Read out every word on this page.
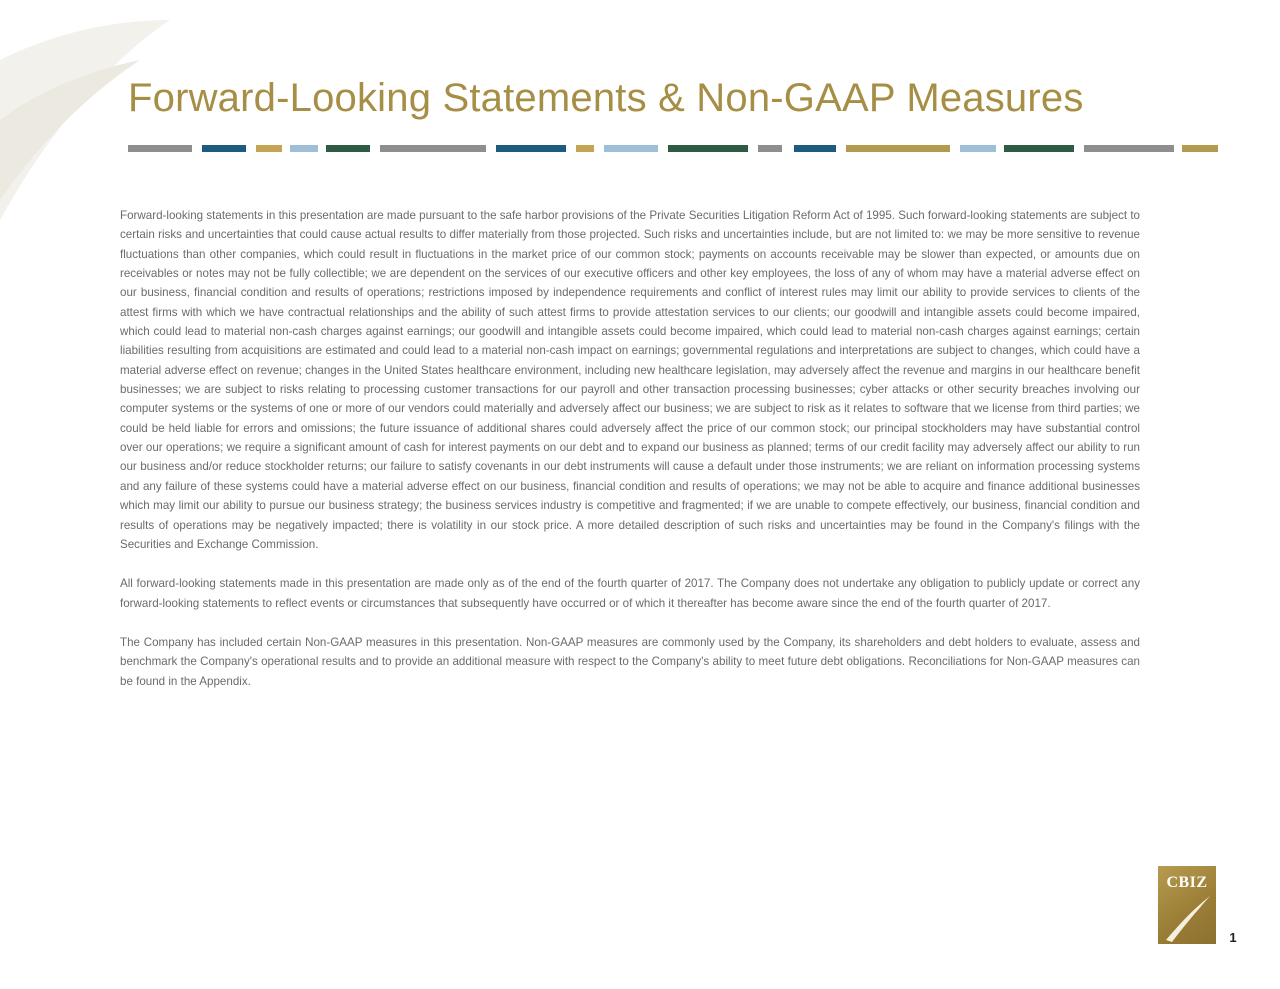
Forward-Looking Statements & Non-GAAP Measures

Forward-looking statements in this presentation are made pursuant to the safe harbor provisions of the Private Securities Litigation Reform Act of 1995. Such forward-looking statements are subject to certain risks and uncertainties that could cause actual results to differ materially from those projected. Such risks and uncertainties include, but are not limited to: we may be more sensitive to revenue fluctuations than other companies, which could result in fluctuations in the market price of our common stock; payments on accounts receivable may be slower than expected, or amounts due on receivables or notes may not be fully collectible; we are dependent on the services of our executive officers and other key employees, the loss of any of whom may have a material adverse effect on our business, financial condition and results of operations; restrictions imposed by independence requirements and conflict of interest rules may limit our ability to provide services to clients of the attest firms with which we have contractual relationships and the ability of such attest firms to provide attestation services to our clients; our goodwill and intangible assets could become impaired, which could lead to material non-cash charges against earnings; our goodwill and intangible assets could become impaired, which could lead to material non-cash charges against earnings; certain liabilities resulting from acquisitions are estimated and could lead to a material non-cash impact on earnings; governmental regulations and interpretations are subject to changes, which could have a material adverse effect on revenue; changes in the United States healthcare environment, including new healthcare legislation, may adversely affect the revenue and margins in our healthcare benefit businesses; we are subject to risks relating to processing customer transactions for our payroll and other transaction processing businesses; cyber attacks or other security breaches involving our computer systems or the systems of one or more of our vendors could materially and adversely affect our business; we are subject to risk as it relates to software that we license from third parties; we could be held liable for errors and omissions; the future issuance of additional shares could adversely affect the price of our common stock; our principal stockholders may have substantial control over our operations; we require a significant amount of cash for interest payments on our debt and to expand our business as planned; terms of our credit facility may adversely affect our ability to run our business and/or reduce stockholder returns; our failure to satisfy covenants in our debt instruments will cause a default under those instruments; we are reliant on information processing systems and any failure of these systems could have a material adverse effect on our business, financial condition and results of operations; we may not be able to acquire and finance additional businesses which may limit our ability to pursue our business strategy; the business services industry is competitive and fragmented; if we are unable to compete effectively, our business, financial condition and results of operations may be negatively impacted; there is volatility in our stock price. A more detailed description of such risks and uncertainties may be found in the Company's filings with the Securities and Exchange Commission.

All forward-looking statements made in this presentation are made only as of the end of the fourth quarter of 2017. The Company does not undertake any obligation to publicly update or correct any forward-looking statements to reflect events or circumstances that subsequently have occurred or of which it thereafter has become aware since the end of the fourth quarter of 2017.

The Company has included certain Non-GAAP measures in this presentation. Non-GAAP measures are commonly used by the Company, its shareholders and debt holders to evaluate, assess and benchmark the Company's operational results and to provide an additional measure with respect to the Company's ability to meet future debt obligations. Reconciliations for Non-GAAP measures can be found in the Appendix.

CBIZ
1
